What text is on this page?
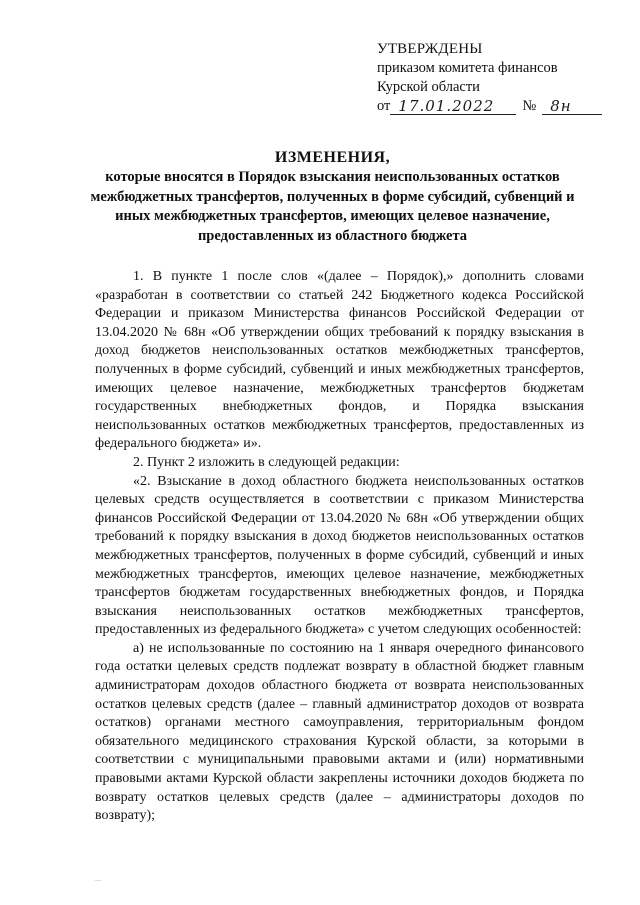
УТВЕРЖДЕНЫ
приказом комитета финансов
Курской области
от 17.01.2022	№ 8н
ИЗМЕНЕНИЯ,
которые вносятся в Порядок взыскания неиспользованных остатков межбюджетных трансфертов, полученных в форме субсидий, субвенций и иных межбюджетных трансфертов, имеющих целевое назначение, предоставленных из областного бюджета

1. В пункте 1 после слов «(далее – Порядок),» дополнить словами «разработан в соответствии со статьей 242 Бюджетного кодекса Российской Федерации и приказом Министерства финансов Российской Федерации от 13.04.2020 № 68н «Об утверждении общих требований к порядку взыскания в доход бюджетов неиспользованных остатков межбюджетных трансфертов, полученных в форме субсидий, субвенций и иных межбюджетных трансфертов, имеющих целевое назначение, межбюджетных трансфертов бюджетам государственных внебюджетных фондов, и Порядка взыскания неиспользованных остатков межбюджетных трансфертов, предоставленных из федерального бюджета» и».

2. Пункт 2 изложить в следующей редакции:

«2. Взыскание в доход областного бюджета неиспользованных остатков целевых средств осуществляется в соответствии с приказом Министерства финансов Российской Федерации от 13.04.2020 № 68н «Об утверждении общих требований к порядку взыскания в доход бюджетов неиспользованных остатков межбюджетных трансфертов, полученных в форме субсидий, субвенций и иных межбюджетных трансфертов, имеющих целевое назначение, межбюджетных трансфертов бюджетам государственных внебюджетных фондов, и Порядка взыскания неиспользованных остатков межбюджетных трансфертов, предоставленных из федерального бюджета» с учетом следующих особенностей:

а) не использованные по состоянию на 1 января очередного финансового года остатки целевых средств подлежат возврату в областной бюджет главным администраторам доходов областного бюджета от возврата неиспользованных остатков целевых средств (далее – главный администратор доходов от возврата остатков) органами местного самоуправления, территориальным фондом обязательного медицинского страхования Курской области, за которыми в соответствии с муниципальными правовыми актами и (или) нормативными правовыми актами Курской области закреплены источники доходов бюджета по возврату остатков целевых средств (далее – администраторы доходов по возврату);
